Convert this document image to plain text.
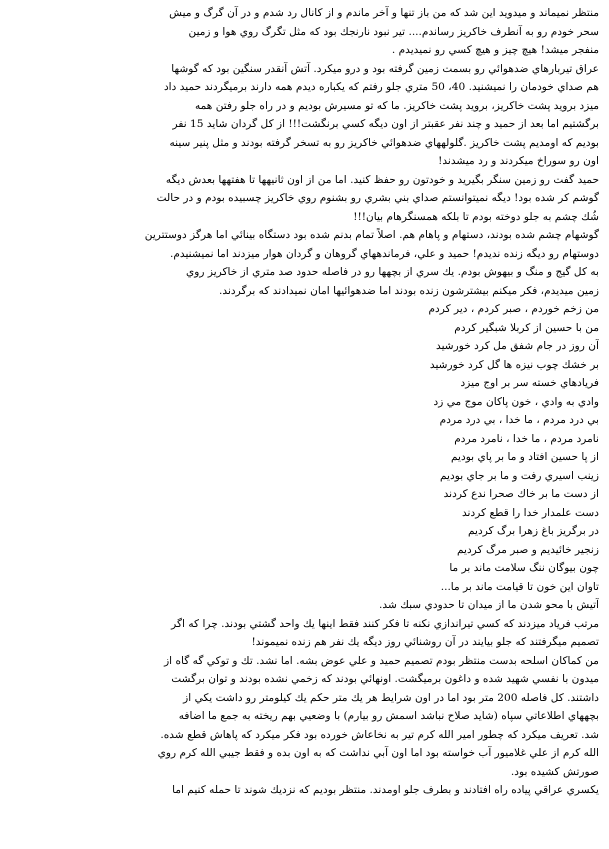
منتظر نميماند و ميدويد اين شد كه من باز تنها و آخر ماندم و از كانال رد شدم و در آن گرگ و ميش
سحر خودم رو به آنطرف خاكريز رساندم.... تير نبود نارنجك بود كه مثل تگرگ روي هوا و زمين
منفجر ميشد! هيچ چيز و هيچ كسي رو نميديدم .
عراق تيربارهاي ضدهوائي رو بسمت زمين گرفته بود و درو ميكرد. آتش آنقدر سنگين بود كه گوشها
هم صداي خودمان را نميشنيد. 40، 50 متري جلو رفتم كه يكباره ديدم همه دارند برميگردند حميد داد
ميزد برويد پشت خاكريز، برويد پشت خاكريز. ما كه تو مسيرش بوديم و در راه جلو رفتن همه
برگشتيم اما بعد از حميد و چند نفر عقبتر از اون ديگه كسي برنگشت!!! از كل گردان شايد 15 نفر
بوديم كه اومديم پشت خاكريز .گلولههاي ضدهوائي خاكريز رو به تسخر گرفته بودند و مثل پنير سينه
اون رو سوراخ ميكردند و رد ميشدند!
حميد گفت رو زمين سنگر بگيريد و خودتون رو حفظ كنيد. اما من از اون ثانيهها تا هفتهها بعدش ديگه
گوشم كر شده بود! ديگه نميتوانستم صداي بني بشري رو بشنوم روي خاكريز چسبيده بودم و در حالت
شُك چشم به جلو دوخته بودم تا بلكه همسنگرهام بيان!!!
گوشهام چشم شده بودند، دستهام و پاهام هم. اصلاً تمام بدنم شده بود دستگاه بينائي اما هرگز دوستترين
دوستهام رو ديگه زنده نديدم! حميد و علي، فرماندههاي گروهان و گردان هوار ميزدند اما نميشنيدم.
به كل گيج و منگ و بيهوش بودم. يك سري از بچهها رو در فاصله حدود صد متري از خاكريز روي
زمين ميديدم، فكر ميكنم بيشترشون زنده بودند اما ضدهوائيها امان نميدادند كه برگردند.
من زخم خوردم ، صبر كردم ، دير كردم
من با حسين از كربلا شبگير كردم
آن روز در جام شفق مل كرد خورشيد
بر خشك چوب نيزه ها گل كرد خورشيد
فريادهاي خسته سر بر اوج ميزد
وادي به وادي ، خون پاكان موج مي زد
بي درد مردم ، ما خدا ، بي درد مردم
نامرد مردم ، ما خدا ، نامرد مردم
از پا حسين افتاد و ما بر پاي بوديم
زينب اسيري رفت و ما بر جاي بوديم
از دست ما بر خاك صحرا ندع كردند
دست علمدار خدا را قطع كردند
در برگريز باغ زهرا برگ كرديم
زنجير خائيديم و صبر مرگ كرديم
چون بيوگان ننگ سلامت ماند بر ما
تاوان اين خون تا قيامت ماند بر ما...
آتيش با محو شدن ما از ميدان تا حدودي سبك شد.
مرتب فرياد ميزدند كه كسي تيراندازي نكنه تا فكر كنند فقط اينها يك واحد گشتي بودند. چرا كه اگر
تصميم ميگرفتند كه جلو بيايند در آن روشنائي روز ديگه يك نفر هم زنده نميموند!
من كماكان اسلحه بدست منتظر بودم تصميم حميد و علي عوض بشه. اما نشد. تك و توكي گه گاه از
ميدون با نفسي شهيد شده و داغون برميگشت. اونهائي بودند كه زخمي نشده بودند و توان برگشت
داشتند. كل فاصله 200 متر بود اما در اون شرايط هر يك متر حكم يك كيلومتر رو داشت يكي از
بچههاي اطلاعاتي سپاه (شايد صلاح نباشد اسمش رو بيارم) با وضعيي بهم ريخته به جمع ما اضافه
شد. تعريف ميكرد كه چطور امير الله كرم تير به نخاعاش خورده بود فكر ميكرد كه پاهاش قطع شده.
الله كرم از علي غلاميور آب خواسته بود اما اون آبي نداشت كه به اون بده و فقط جيبي الله كرم روي
صورتش كشيده بود.
يكسري عراقي پياده راه افتادند و بطرف جلو اومدند. منتظر بوديم كه نزديك شوند تا حمله كنيم اما
